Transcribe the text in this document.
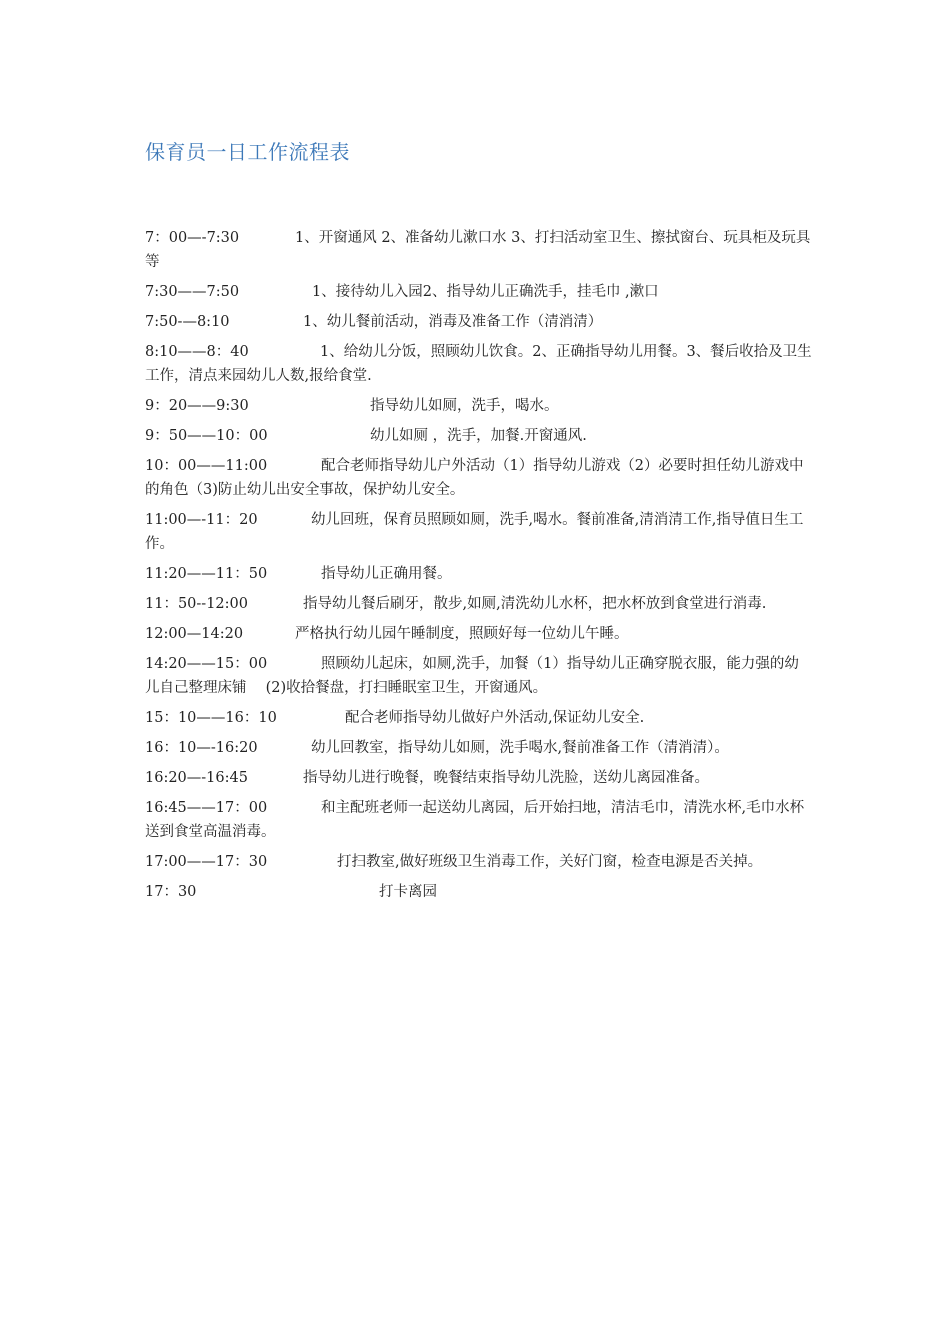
保育员一日工作流程表

7：00—-7:30	1、开窗通风 2、准备幼儿漱口水 3、打扫活动室卫生、擦拭窗台、玩具柜及玩具等

7:30——7:50	1、接待幼儿入园2、指导幼儿正确洗手，挂毛巾 ,漱口

7:50-—8:10	1、幼儿餐前活动，消毒及准备工作（清消清）

8:10——8：40	1、给幼儿分饭，照顾幼儿饮食。2、正确指导幼儿用餐。3、餐后收拾及卫生工作，清点来园幼儿人数,报给食堂.

9：20——9:30	指导幼儿如厕，洗手，喝水。

9：50——10：00	幼儿如厕 ，洗手，加餐.开窗通风.

10：00——11:00	配合老师指导幼儿户外活动（1）指导幼儿游戏（2）必要时担任幼儿游戏中的角色（3)防止幼儿出安全事故，保护幼儿安全。

11:00—-11：20	幼儿回班，保育员照顾如厕，洗手,喝水。餐前准备,清消清工作,指导值日生工作。

11:20——11：50	指导幼儿正确用餐。

11：50--12:00	指导幼儿餐后刷牙，散步,如厕,清洗幼儿水杯，把水杯放到食堂进行消毒.

12:00—14:20	严格执行幼儿园午睡制度，照顾好每一位幼儿午睡。

14:20——15：00	照顾幼儿起床，如厕,洗手，加餐（1）指导幼儿正确穿脱衣服，能力强的幼儿自己整理床铺　 (2)收拾餐盘，打扫睡眠室卫生，开窗通风。

15：10——16：10	配合老师指导幼儿做好户外活动,保证幼儿安全.

16：10—-16:20	幼儿回教室，指导幼儿如厕，洗手喝水,餐前准备工作（清消清）。

16:20—-16:45	指导幼儿进行晚餐，晚餐结束指导幼儿洗脸，送幼儿离园准备。

16:45——17：00	和主配班老师一起送幼儿离园，后开始扫地，清洁毛巾，清洗水杯,毛巾水杯送到食堂高温消毒。

17:00——17：30	打扫教室,做好班级卫生消毒工作，关好门窗，检查电源是否关掉。

17：30	打卡离园
